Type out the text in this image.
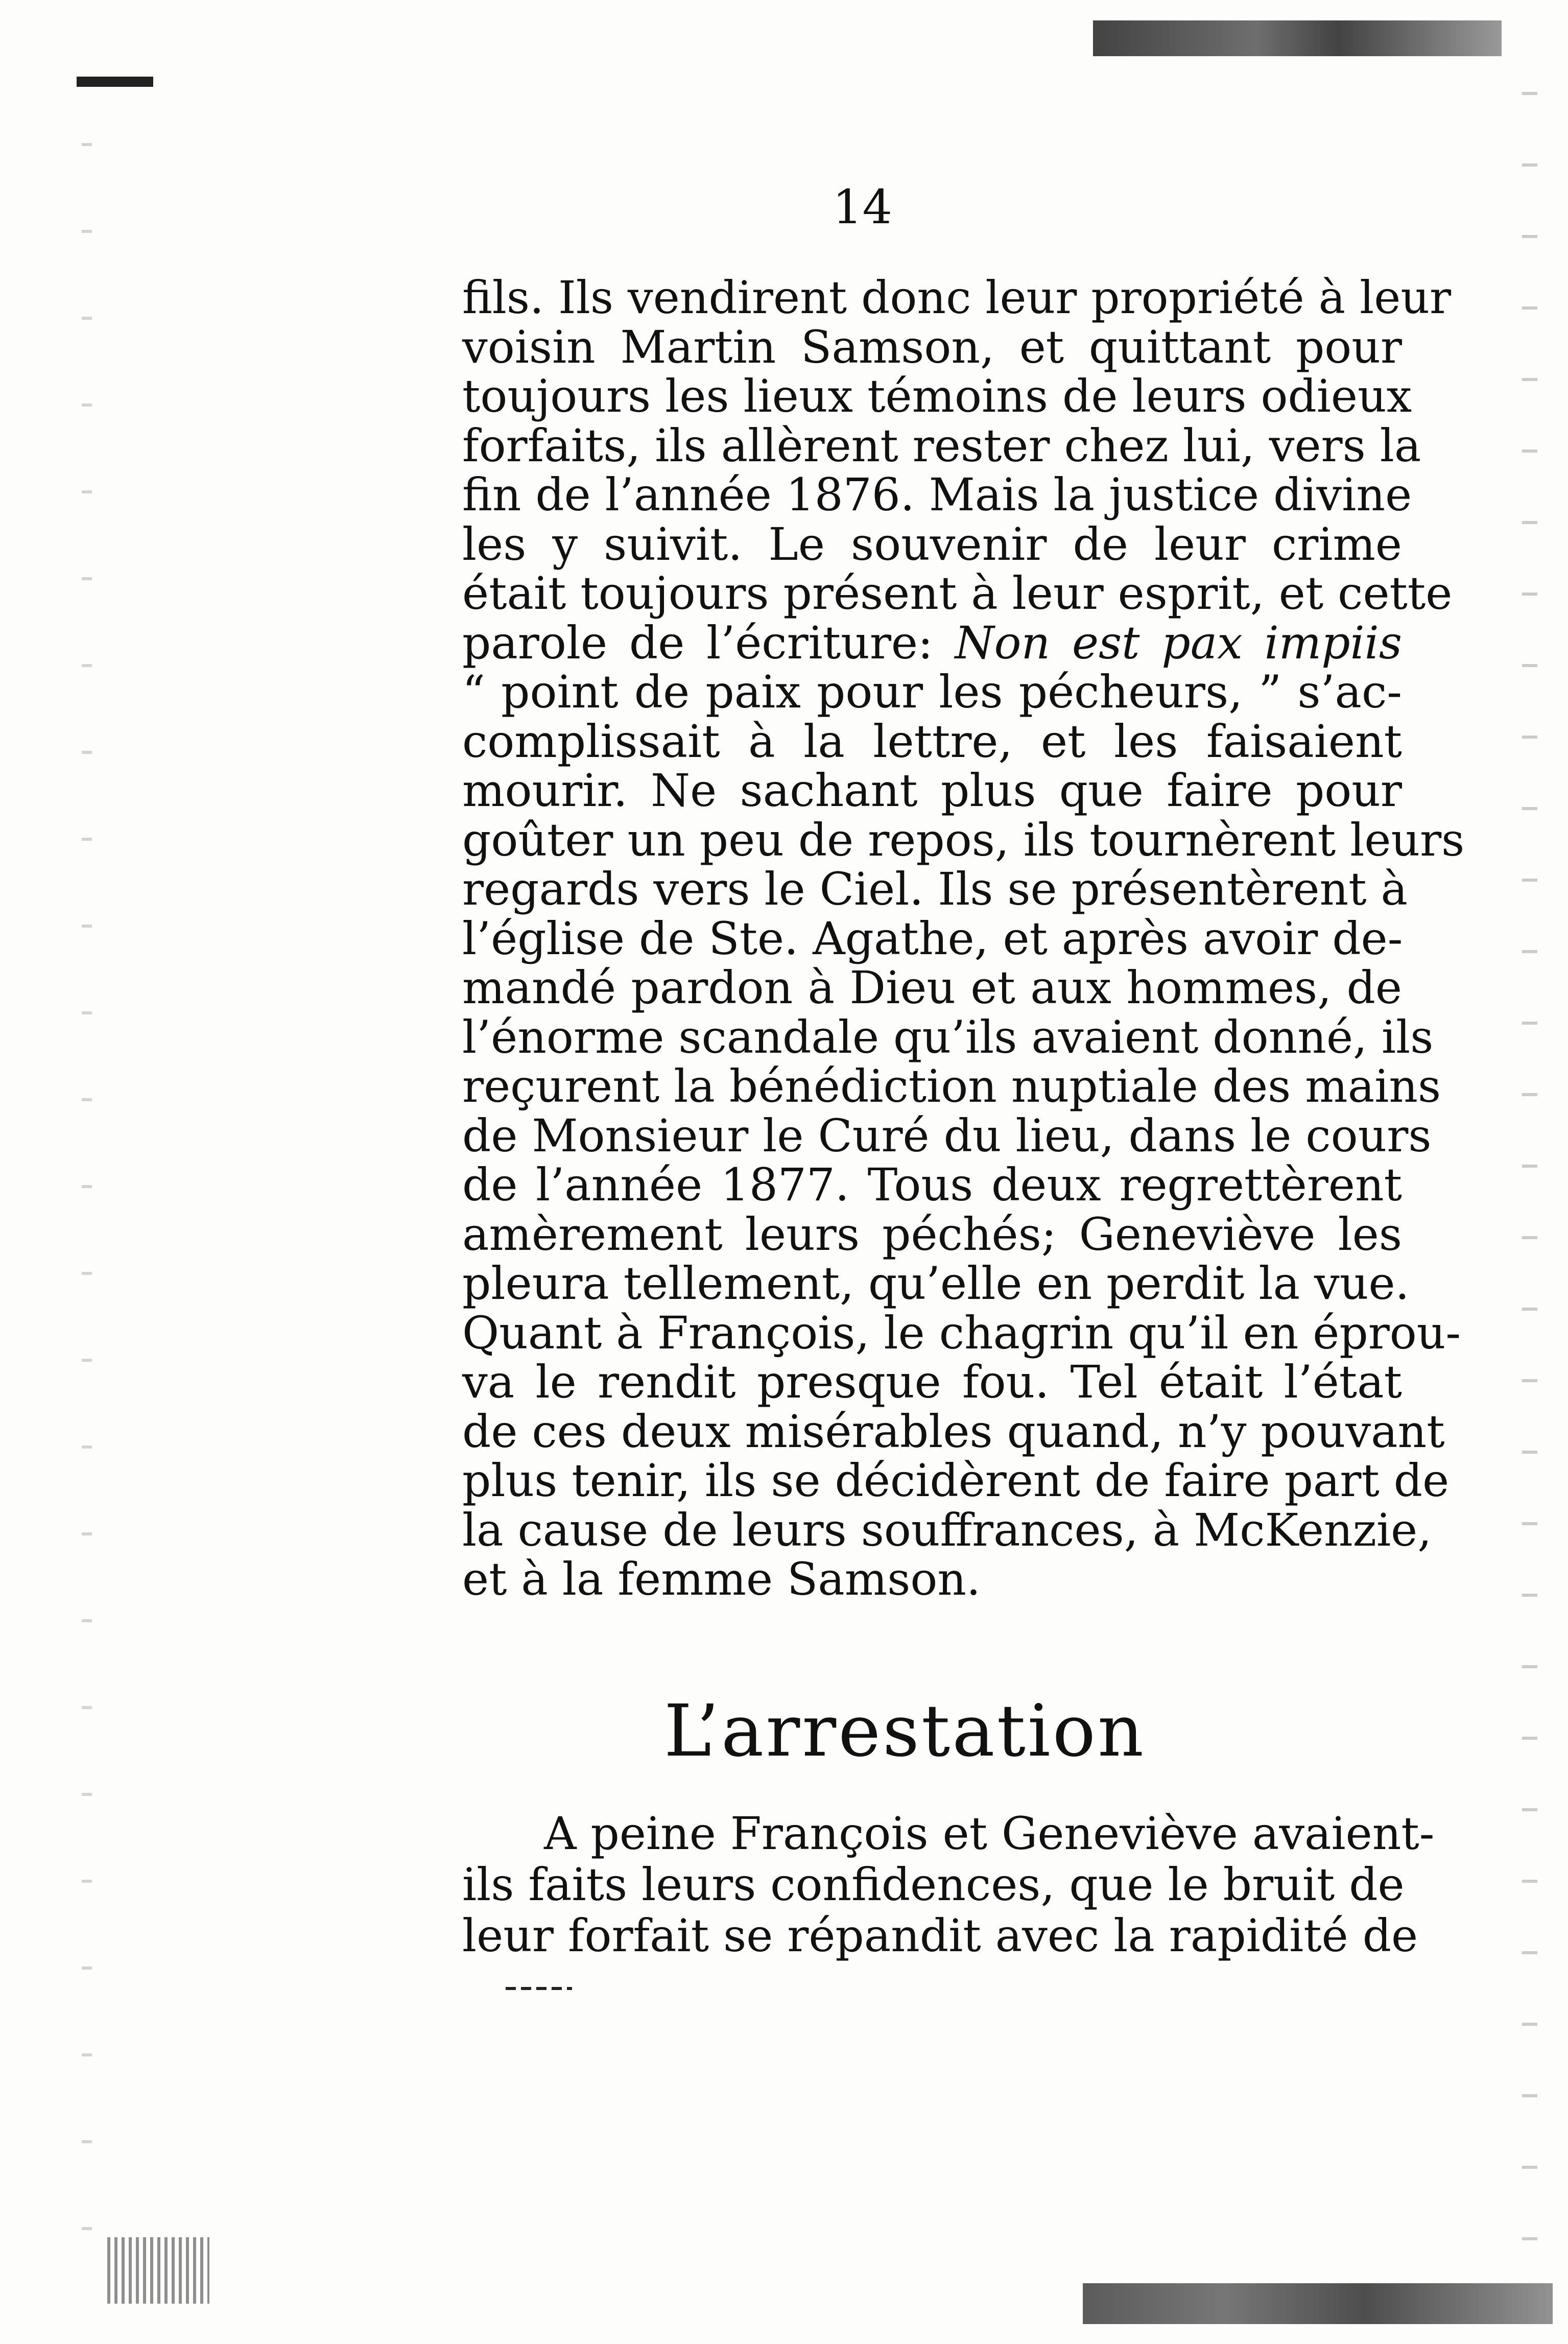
14
fils. Ils vendirent donc leur propriété à leur
voisin Martin Samson, et quittant pour
toujours les lieux témoins de leurs odieux
forfaits, ils allèrent rester chez lui, vers la
fin de l’année 1876. Mais la justice divine
les y suivit. Le souvenir de leur crime
était toujours présent à leur esprit, et cette
parole de l’écriture: Non est pax impiis
“ point de paix pour les pécheurs, ” s’ac-
complissait à la lettre, et les faisaient
mourir. Ne sachant plus que faire pour
goûter un peu de repos, ils tournèrent leurs
regards vers le Ciel. Ils se présentèrent à
l’église de Ste. Agathe, et après avoir de-
mandé pardon à Dieu et aux hommes, de
l’énorme scandale qu’ils avaient donné, ils
reçurent la bénédiction nuptiale des mains
de Monsieur le Curé du lieu, dans le cours
de l’année 1877. Tous deux regrettèrent
amèrement leurs péchés; Geneviève les
pleura tellement, qu’elle en perdit la vue.
Quant à François, le chagrin qu’il en éprou-
va le rendit presque fou. Tel était l’état
de ces deux misérables quand, n’y pouvant
plus tenir, ils se décidèrent de faire part de
la cause de leurs souffrances, à McKenzie,
et à la femme Samson.
L’arrestation
A peine François et Geneviève avaient-
ils faits leurs confidences, que le bruit de
leur forfait se répandit avec la rapidité de
